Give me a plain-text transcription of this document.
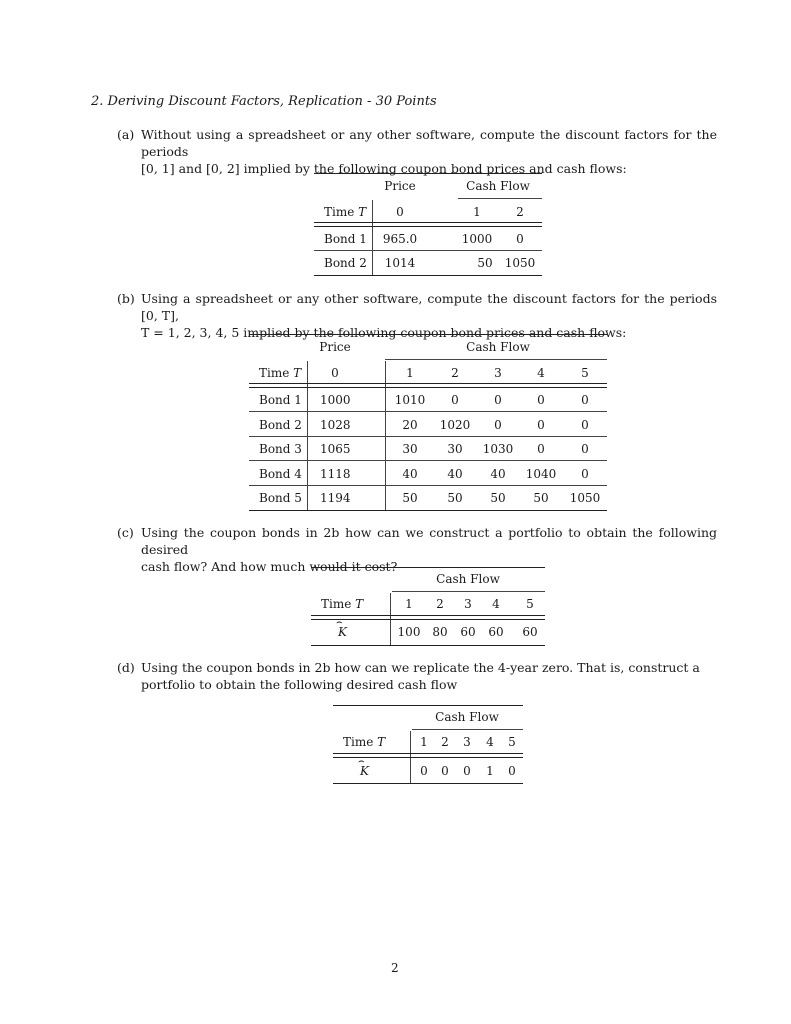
2. Deriving Discount Factors, Replication - 30 Points
(a) Without using a spreadsheet or any other software, compute the discount factors for the periods
[0, 1] and [0, 2] implied by the following coupon bond prices and cash flows:
Price	Cash Flow
Time T	0	1	2
Bond 1 965.0	1000 0
Bond 2 1014	50 1050
(b) Using a spreadsheet or any other software, compute the discount factors for the periods [0, T],
T = 1, 2, 3, 4, 5 implied by the following coupon bond prices and cash flows:
Price	Cash Flow
Time T	0	1	2	3	4	5
Bond 1 1000	1010 0	0	0	0
Bond 2 1028	20 1020 0	0	0
Bond 3 1065	30 30 1030 0	0
Bond 4 1118	40 40 40 1040 0
Bond 5 1194	50 50 50 50 1050
(c) Using the coupon bonds in 2b how can we construct a portfolio to obtain the following desired
cash flow? And how much would it cost?
Cash Flow
Time T	1 2 3 4 5
⌢
K	100 80 60 60 60
(d) Using the coupon bonds in 2b how can we replicate the 4-year zero. That is, construct a
portfolio to obtain the following desired cash flow
Cash Flow
Time T	1 2 3 4 5
⌢
K	0 0 0 1 0
2
